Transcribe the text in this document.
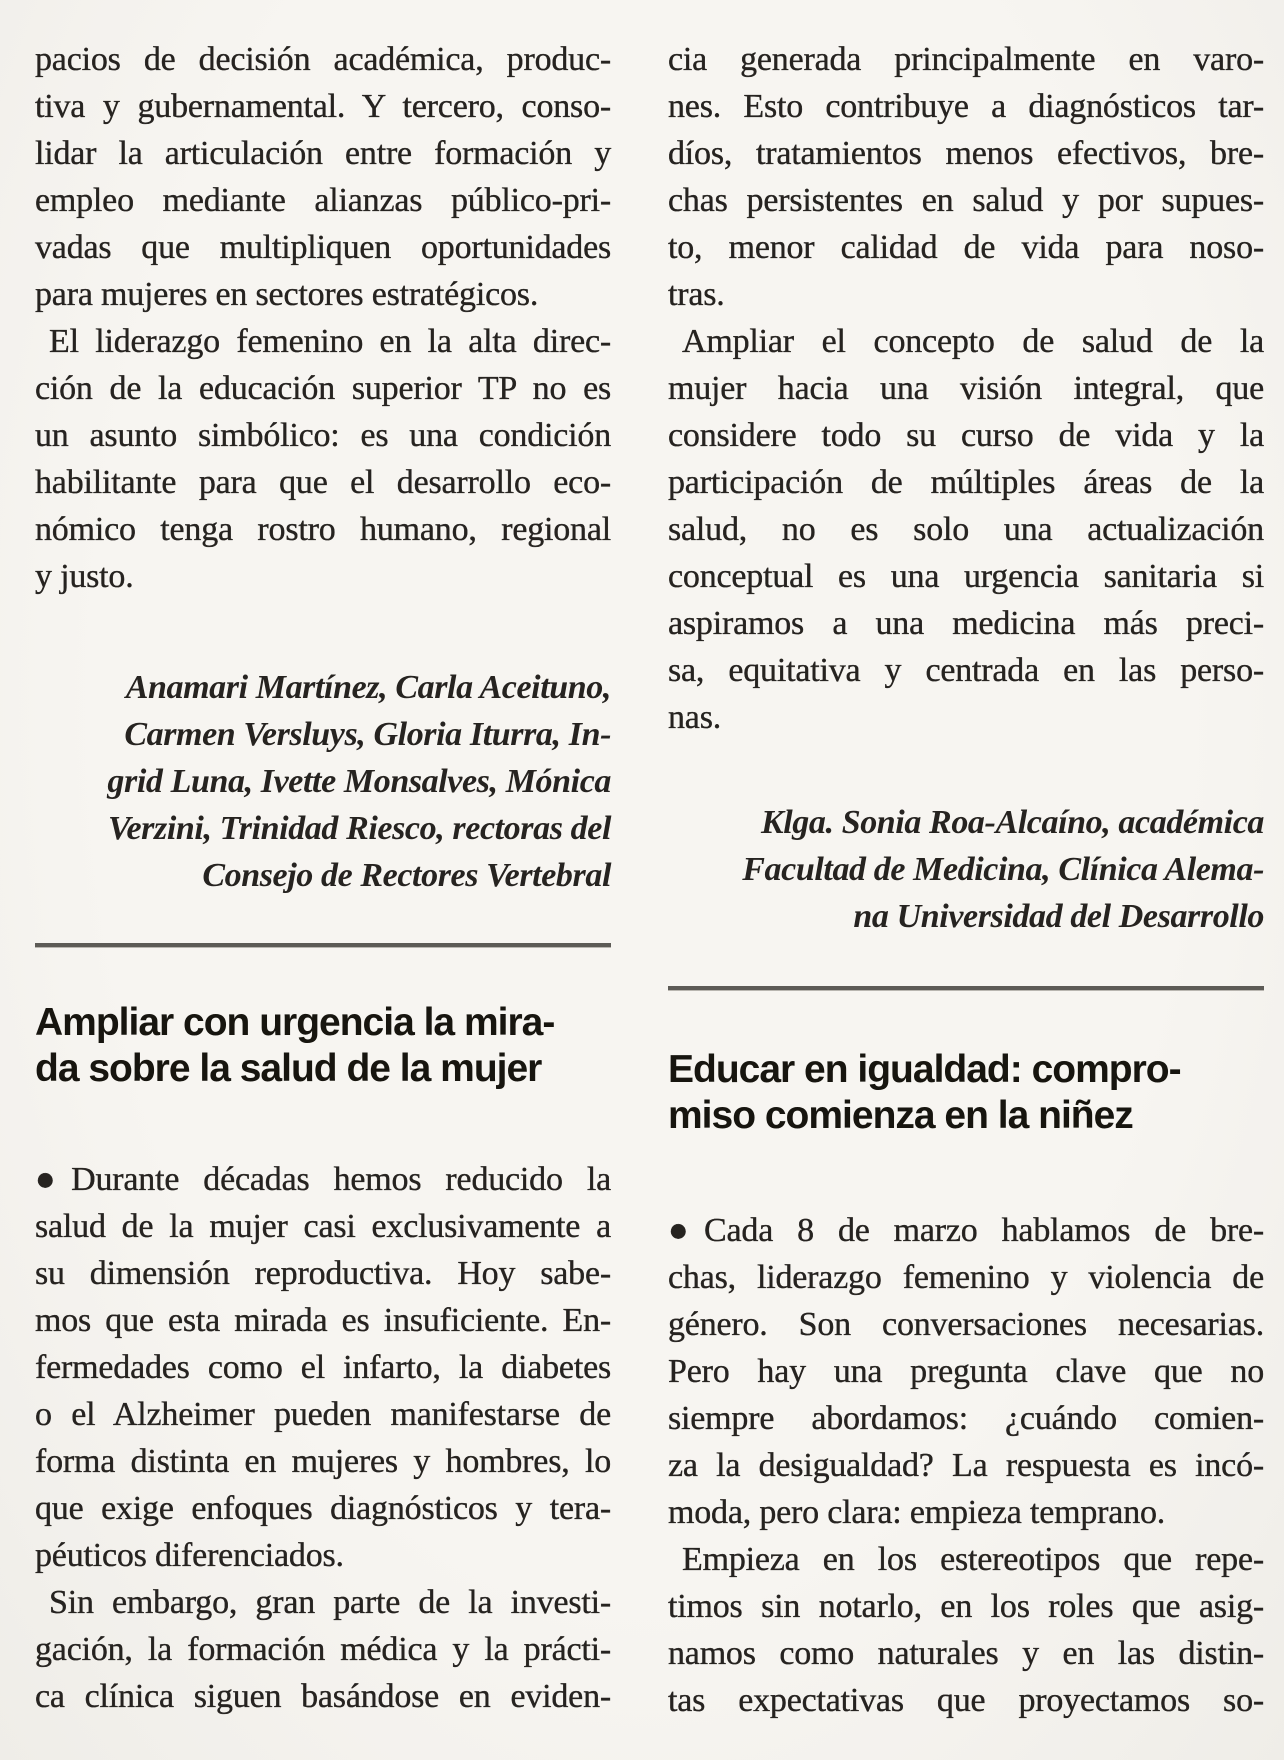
pacios de decisión académica, produc-
tiva y gubernamental. Y tercero, conso-
lidar la articulación entre formación y
empleo mediante alianzas público-pri-
vadas que multipliquen oportunidades
para mujeres en sectores estratégicos.
El liderazgo femenino en la alta direc-
ción de la educación superior TP no es
un asunto simbólico: es una condición
habilitante para que el desarrollo eco-
nómico tenga rostro humano, regional
y justo.
Anamari Martínez, Carla Aceituno,
Carmen Versluys, Gloria Iturra, In-
grid Luna, Ivette Monsalves, Mónica
Verzini, Trinidad Riesco, rectoras del
Consejo de Rectores Vertebral
Ampliar con urgencia la mira-
da sobre la salud de la mujer
●Durante décadas hemos reducido la
salud de la mujer casi exclusivamente a
su dimensión reproductiva. Hoy sabe-
mos que esta mirada es insuficiente. En-
fermedades como el infarto, la diabetes
o el Alzheimer pueden manifestarse de
forma distinta en mujeres y hombres, lo
que exige enfoques diagnósticos y tera-
péuticos diferenciados.
Sin embargo, gran parte de la investi-
gación, la formación médica y la prácti-
ca clínica siguen basándose en eviden-
cia generada principalmente en varo-
nes. Esto contribuye a diagnósticos tar-
díos, tratamientos menos efectivos, bre-
chas persistentes en salud y por supues-
to, menor calidad de vida para noso-
tras.
Ampliar el concepto de salud de la
mujer hacia una visión integral, que
considere todo su curso de vida y la
participación de múltiples áreas de la
salud, no es solo una actualización
conceptual es una urgencia sanitaria si
aspiramos a una medicina más preci-
sa, equitativa y centrada en las perso-
nas.
Klga. Sonia Roa-Alcaíno, académica
Facultad de Medicina, Clínica Alema-
na Universidad del Desarrollo
Educar en igualdad: compro-
miso comienza en la niñez
●Cada 8 de marzo hablamos de bre-
chas, liderazgo femenino y violencia de
género. Son conversaciones necesarias.
Pero hay una pregunta clave que no
siempre abordamos: ¿cuándo comien-
za la desigualdad? La respuesta es incó-
moda, pero clara: empieza temprano.
Empieza en los estereotipos que repe-
timos sin notarlo, en los roles que asig-
namos como naturales y en las distin-
tas expectativas que proyectamos so-
